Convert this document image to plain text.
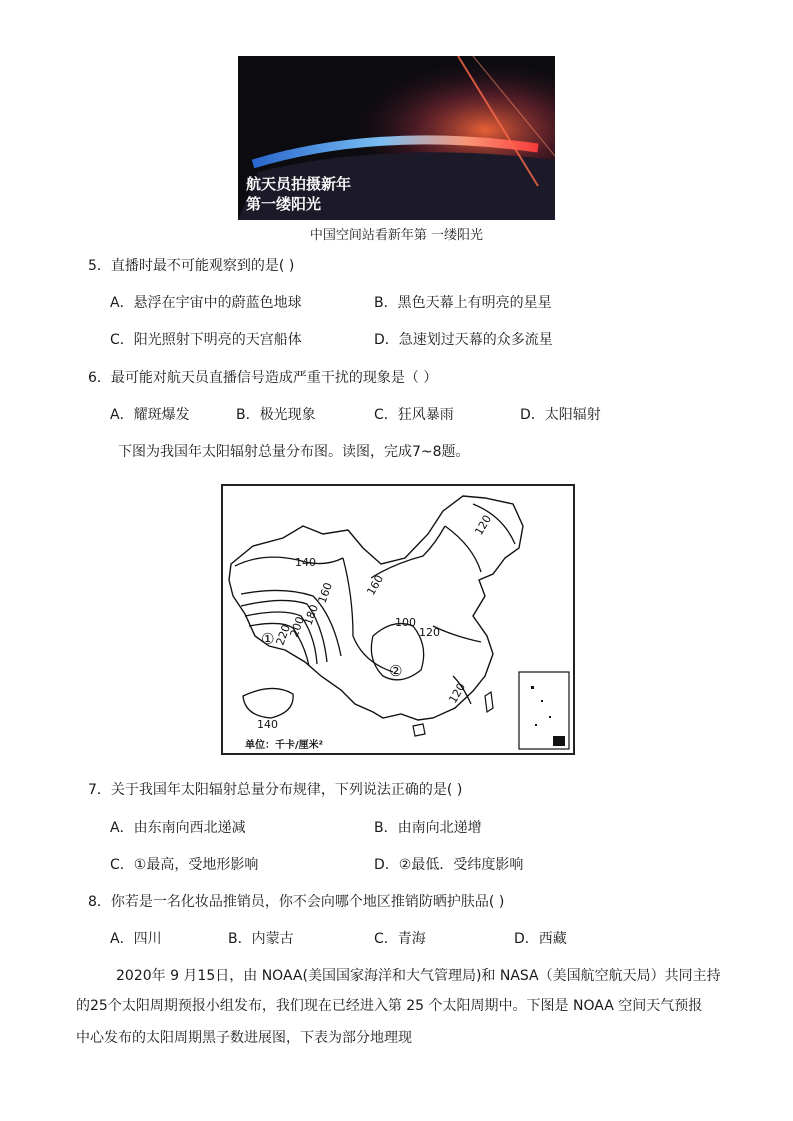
航天员拍摄新年
第一缕阳光
中国空间站看新年第 一缕阳光
5．直播时最不可能观察到的是( )
A．悬浮在宇宙中的蔚蓝色地球	B．黑色天幕上有明亮的星星
C．阳光照射下明亮的天宫船体	D．急速划过天幕的众多流星
6．最可能对航天员直播信号造成严重干扰的现象是（ ）
A．耀斑爆发	B．极光现象	C．狂风暴雨	D．太阳辐射
下图为我国年太阳辐射总量分布图。读图，完成7~8题。
140
160
180
200
220
160
120
100
120
140
120
①
②
单位：千卡/厘米²
7．关于我国年太阳辐射总量分布规律，下列说法正确的是( )
A．由东南向西北递减	B．由南向北递增
C．①最高，受地形影响	D．②最低．受纬度影响
8．你若是一名化妆品推销员，你不会向哪个地区推销防晒护肤品( )
A．四川	B．内蒙古	C．青海	D．西藏
2020年 9 月15日，由 NOAA(美国国家海洋和大气管理局)和 NASA（美国航空航天局）共同主持
的25个太阳周期预报小组发布，我们现在已经进入第 25 个太阳周期中。下图是 NOAA 空间天气预报
中心发布的太阳周期黑子数进展图，下表为部分地理现
